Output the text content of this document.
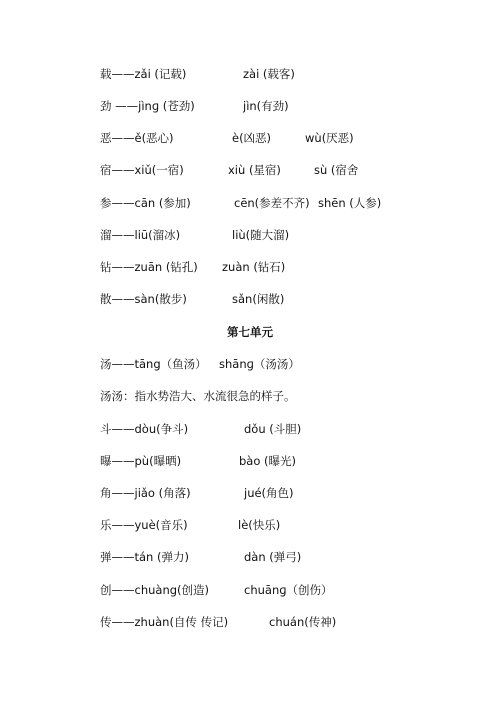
载——zǎi (记载)	zài (载客)
劲 ——jìnɡ (苍劲)	jìn(有劲)
恶——ě(恶心)	è(凶恶)	wù(厌恶)
宿——xiǔ(一宿)	xiù (星宿)	sù (宿舍
参——cān (参加)	cēn(参差不齐) shēn (人参)
溜——liū(溜冰)	liù(随大溜)
钻——zuān (钻孔) zuàn (钻石)
散——sàn(散步)	sǎn(闲散)
第七单元
汤——tāng（鱼汤） shānɡ（汤汤）
汤汤：指水势浩大、水流很急的样子。
斗——dòu(争斗)	dǒu (斗胆)
曝——pù(曝晒)	bào (曝光)
角——jiǎo (角落)	jué(角色)
乐——yuè(音乐)	lè(快乐)
弹——tán (弹力)	dàn (弹弓)
创——chuàng(创造)	chuānɡ（创伤）
传——zhuàn(自传 传记)	chuán(传神)
